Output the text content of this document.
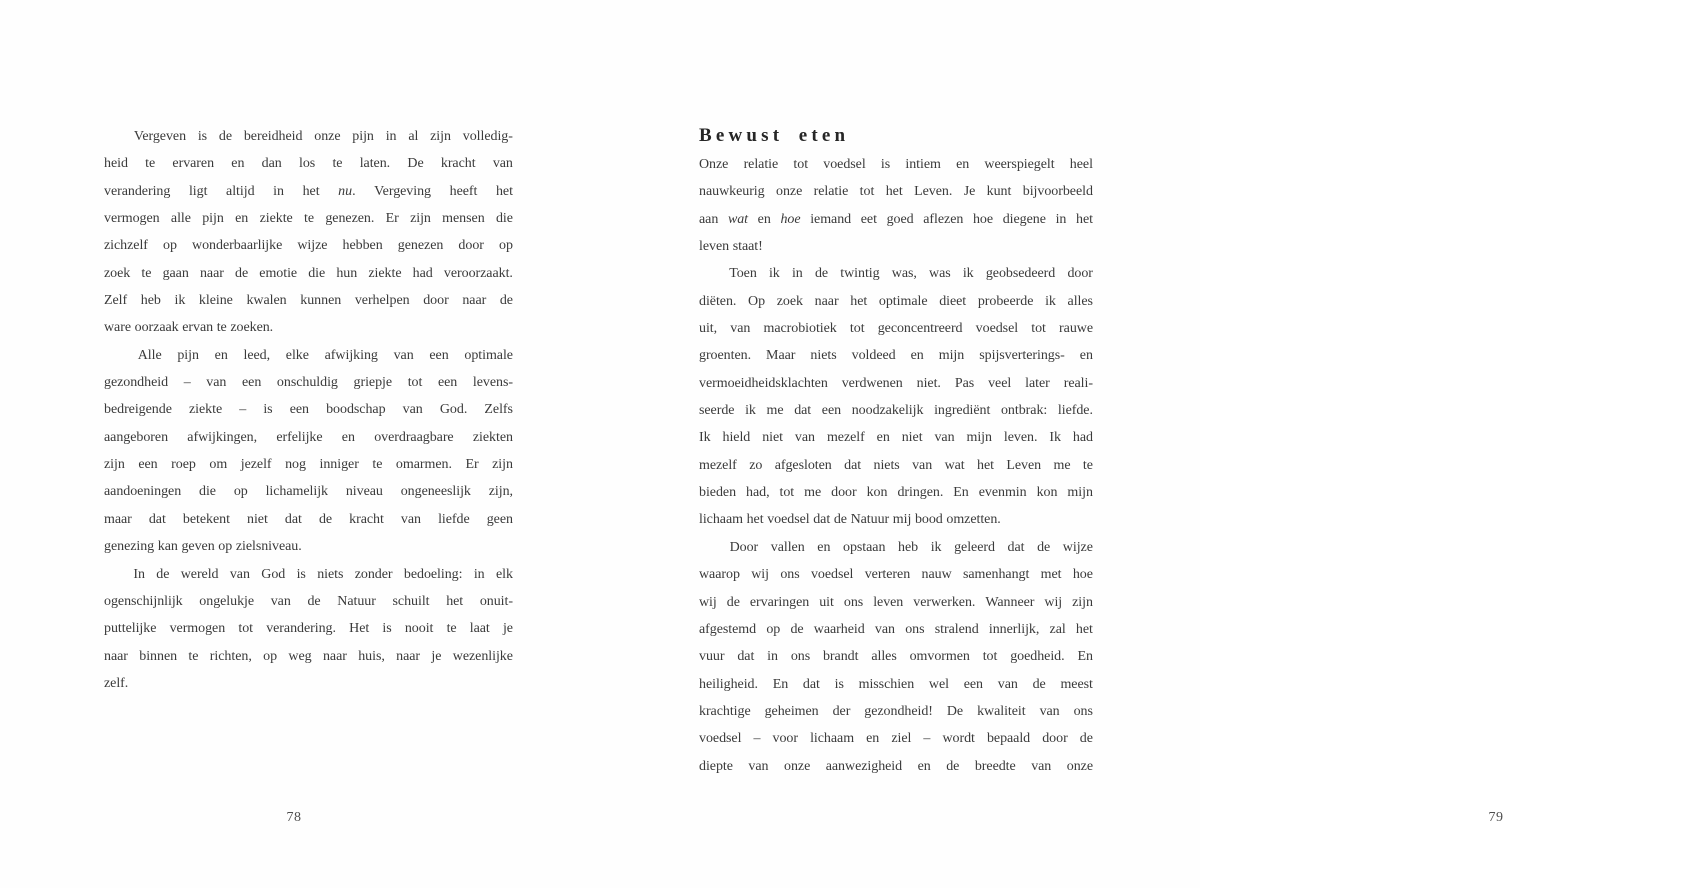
Vergeven is de bereidheid onze pijn in al zijn volledig-
heid te ervaren en dan los te laten. De kracht van
verandering ligt altijd in het nu. Vergeving heeft het
vermogen alle pijn en ziekte te genezen. Er zijn mensen die
zichzelf op wonderbaarlijke wijze hebben genezen door op
zoek te gaan naar de emotie die hun ziekte had veroorzaakt.
Zelf heb ik kleine kwalen kunnen verhelpen door naar de
ware oorzaak ervan te zoeken.
Alle pijn en leed, elke afwijking van een optimale
gezondheid – van een onschuldig griepje tot een levens-
bedreigende ziekte – is een boodschap van God. Zelfs
aangeboren afwijkingen, erfelijke en overdraagbare ziekten
zijn een roep om jezelf nog inniger te omarmen. Er zijn
aandoeningen die op lichamelijk niveau ongeneeslijk zijn,
maar dat betekent niet dat de kracht van liefde geen
genezing kan geven op zielsniveau.
In de wereld van God is niets zonder bedoeling: in elk
ogenschijnlijk ongelukje van de Natuur schuilt het onuit-
puttelijke vermogen tot verandering. Het is nooit te laat je
naar binnen te richten, op weg naar huis, naar je wezenlijke
zelf.
78
Bewust eten
Onze relatie tot voedsel is intiem en weerspiegelt heel
nauwkeurig onze relatie tot het Leven. Je kunt bijvoorbeeld
aan wat en hoe iemand eet goed aflezen hoe diegene in het
leven staat!
Toen ik in de twintig was, was ik geobsedeerd door
diëten. Op zoek naar het optimale dieet probeerde ik alles
uit, van macrobiotiek tot geconcentreerd voedsel tot rauwe
groenten. Maar niets voldeed en mijn spijsverterings- en
vermoeidheidsklachten verdwenen niet. Pas veel later reali-
seerde ik me dat een noodzakelijk ingrediënt ontbrak: liefde.
Ik hield niet van mezelf en niet van mijn leven. Ik had
mezelf zo afgesloten dat niets van wat het Leven me te
bieden had, tot me door kon dringen. En evenmin kon mijn
lichaam het voedsel dat de Natuur mij bood omzetten.
Door vallen en opstaan heb ik geleerd dat de wijze
waarop wij ons voedsel verteren nauw samenhangt met hoe
wij de ervaringen uit ons leven verwerken. Wanneer wij zijn
afgestemd op de waarheid van ons stralend innerlijk, zal het
vuur dat in ons brandt alles omvormen tot goedheid. En
heiligheid. En dat is misschien wel een van de meest
krachtige geheimen der gezondheid! De kwaliteit van ons
voedsel – voor lichaam en ziel – wordt bepaald door de
diepte van onze aanwezigheid en de breedte van onze
79
